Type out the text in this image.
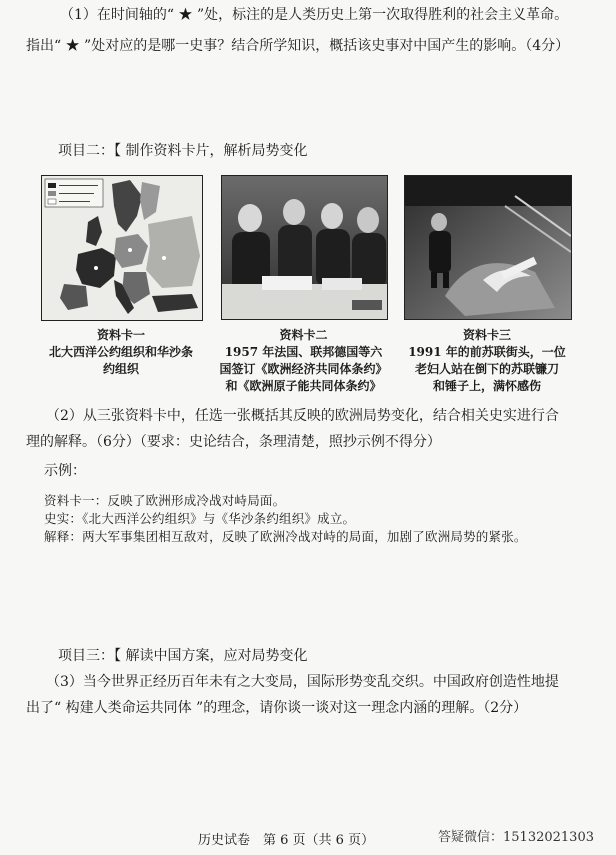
（1）在时间轴的“ ★ ”处，标注的是人类历史上第一次取得胜利的社会主义革命。
指出“ ★ ”处对应的是哪一史事？结合所学知识，概括该史事对中国产生的影响。（4分）
项目二：【 制作资料卡片，解析局势变化
资料卡一
北大西洋公约组织和华沙条
约组织
资料卡二
1957 年法国、联邦德国等六
国签订《欧洲经济共同体条约》
和《欧洲原子能共同体条约》
资料卡三
1991 年的前苏联街头，一位
老妇人站在倒下的苏联镰刀
和锤子上，满怀感伤
（2）从三张资料卡中，任选一张概括其反映的欧洲局势变化，结合相关史实进行合
理的解释。（6分）（要求：史论结合，条理清楚，照抄示例不得分）
示例：
资料卡一：反映了欧洲形成冷战对峙局面。
史实：《北大西洋公约组织》与《华沙条约组织》成立。
解释：两大军事集团相互敌对，反映了欧洲冷战对峙的局面，加剧了欧洲局势的紧张。
项目三：【 解读中国方案，应对局势变化
（3）当今世界正经历百年未有之大变局，国际形势变乱交织。中国政府创造性地提
出了“ 构建人类命运共同体 ”的理念，请你谈一谈对这一理念内涵的理解。（2分）
历史试卷　第 6 页（共 6 页）	答疑微信：15132021303
